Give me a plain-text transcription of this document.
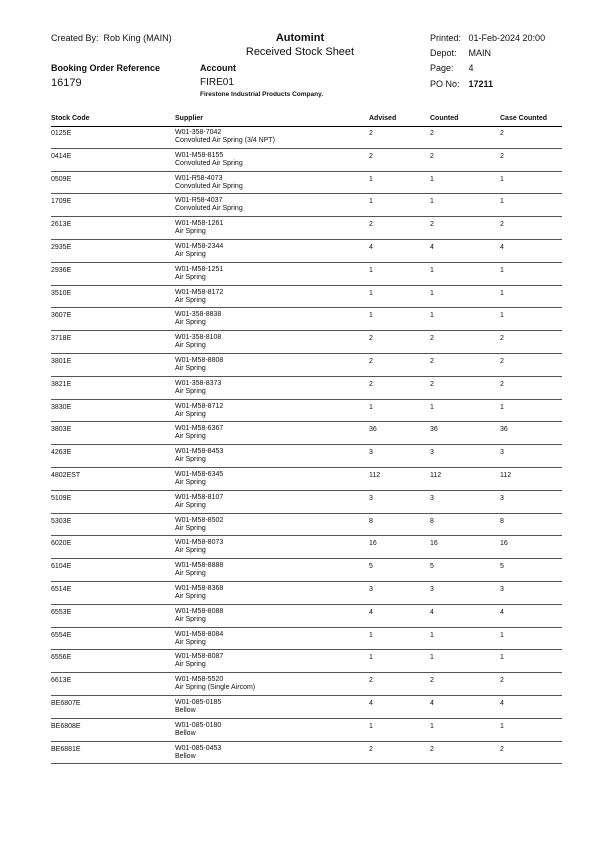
Created By: Rob King (MAIN)	Automint
Received Stock Sheet
Printed: 01-Feb-2024 20:00
Depot: MAIN
Page: 4
PO No: 17211
Booking Order Reference
16179
Account
FIRE01
Firestone Industrial Products Company.
Stock Code	Supplier	Advised	Counted	Case Counted
0125E	W01-358-7042
Convoluted Air Spring (3/4 NPT)
2	2	2
0414E	W01-M58-8155
Convoluted Air Spring
2	2	2
0509E	W01-R58-4073
Convoluted Air Spring
1	1	1
1709E	W01-R58-4037
Convoluted Air Spring
1	1	1
2613E	W01-M58-1261
Air Spring
2	2	2
2935E	W01-M58-2344
Air Spring
4	4	4
2936E	W01-M58-1251
Air Spring
1	1	1
3510E	W01-M58-8172
Air Spring
1	1	1
3607E	W01-358-8838
Air Spring
1	1	1
3718E	W01-358-8108
Air Spring
2	2	2
3801E	W01-M58-8808
Air Spring
2	2	2
3821E	W01-358-8373
Air Spring
2	2	2
3830E	W01-M58-8712
Air Spring
1	1	1
3803E	W01-M58-6367
Air Spring
36	36	36
4263E	W01-M58-8453
Air Spring
3	3	3
4802EST	W01-M58-6345
Air Spring
112	112	112
5109E	W01-M58-8107
Air Spring
3	3	3
5303E	W01-M58-8502
Air Spring
8	8	8
6020E	W01-M58-8073
Air Spring
16	16	16
6104E	W01-M58-8888
Air Spring
5	5	5
6514E	W01-M58-8368
Air Spring
3	3	3
6553E	W01-M58-8088
Air Spring
4	4	4
6554E	W01-M58-8084
Air Spring
1	1	1
6556E	W01-M58-8087
Air Spring
1	1	1
6613E	W01-M58-5520
Air Spring (Single Aircom)
2	2	2
BE6807E	W01-085-0185
Bellow
4	4	4
BE6808E	W01-085-0180
Bellow
1	1	1
BE6881E	W01-085-0453
Bellow
2	2	2
